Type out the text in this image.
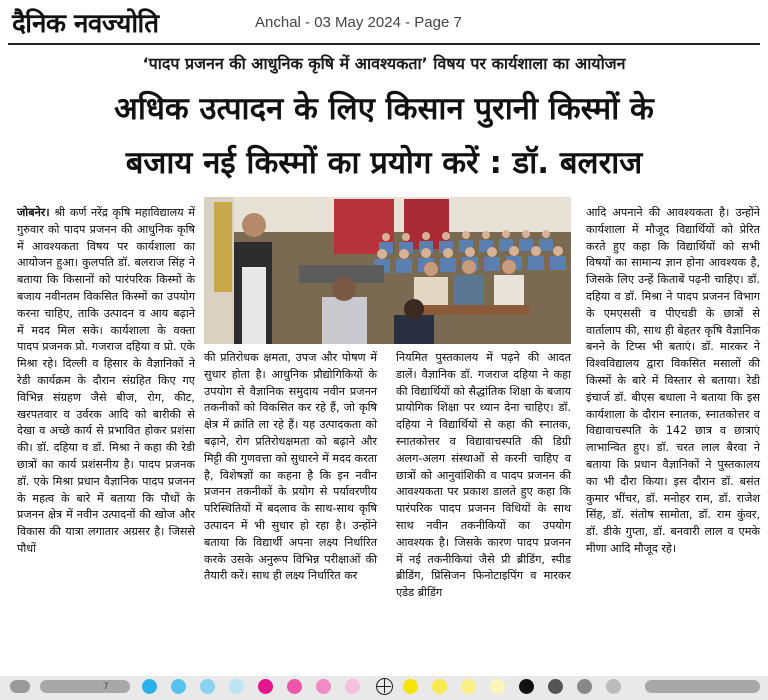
दैनिक नवज्योति	Anchal - 03 May 2024 - Page 7
‘पादप प्रजनन की आधुनिक कृषि में आवश्यकता’ विषय पर कार्यशाला का आयोजन
अधिक उत्पादन के लिए किसान पुरानी किस्मों के
बजाय नई किस्मों का प्रयोग करें : डॉ. बलराज

जोबनेर। श्री कर्ण नरेंद्र कृषि महाविद्यालय में गुरुवार को पादप प्रजनन की आधुनिक कृषि में आवश्यकता विषय पर कार्यशाला का आयोजन हुआ। कुलपति डॉ. बलराज सिंह ने बताया कि किसानों को पारंपरिक किस्मों के बजाय नवीनतम विकसित किस्मों का उपयोग करना चाहिए, ताकि उत्पादन व आय बढ़ाने में मदद मिल सके। कार्यशाला के वक्ता पादप प्रजनक प्रो. गजराज दहिया व प्रो. एके मिश्रा रहे। दिल्ली व हिसार के वैज्ञानिकों ने रेडी कार्यक्रम के दौरान संग्रहित किए गए विभिन्न संग्रहण जैसे बीज, रोग, कीट, खरपतवार व उर्वरक आदि को बारीकी से देखा व अच्छे कार्य से प्रभावित होकर प्रशंसा की। डॉ. दहिया व डॉ. मिश्रा ने कहा की रेडी छात्रों का कार्य प्रशंसनीय है। पादप प्रजनक डॉ. एके मिश्रा प्रधान वैज्ञानिक पादप प्रजनन के महत्व के बारे में बताया कि पौधों के प्रजनन क्षेत्र में नवीन उत्पादनों की खोज और विकास की यात्रा लगातार अग्रसर है। जिससे पौधों

की प्रतिरोधक क्षमता, उपज और पोषण में सुधार होता है। आधुनिक प्रौद्योगिकियों के उपयोग से वैज्ञानिक समुदाय नवीन प्रजनन तकनीकों को विकसित कर रहे हैं, जो कृषि क्षेत्र में क्रांति ला रहे हैं। यह उत्पादकता को बढ़ाने, रोग प्रतिरोधक्षमता को बढ़ाने और मिट्टी की गुणवत्ता को सुधारने में मदद करता है, विशेषज्ञों का कहना है कि इन नवीन प्रजनन तकनीकों के प्रयोग से पर्यावरणीय परिस्थितियों में बदलाव के साथ-साथ कृषि उत्पादन में भी सुधार हो रहा है। उन्होंने बताया कि विद्यार्थी अपना लक्ष्य निर्धारित करके उसके अनुरूप विभिन्न परीक्षाओं की तैयारी करें। साथ ही लक्ष्य निर्धारित कर

नियमित पुस्तकालय में पढ़ने की आदत डालें। वैज्ञानिक डॉ. गजराज दहिया ने कहा की विद्यार्थियों को सैद्धांतिक शिक्षा के बजाय प्रायोगिक शिक्षा पर ध्यान देना चाहिए। डॉ. दहिया ने विद्यार्थियों से कहा की स्नातक, स्नातकोत्तर व विद्यावाचस्पति की डिग्री अलग-अलग संस्थाओं से करनी चाहिए व छात्रों को आनुवांशिकी व पादप प्रजनन की आवश्यकता पर प्रकाश डालते हुए कहा कि पारंपरिक पादप प्रजनन विधियों के साथ साथ नवीन तकनीकियों का उपयोग आवश्यक है। जिसके कारण पादप प्रजनन में नई तकनीकियां जैसे प्री ब्रीडिंग, स्पीड ब्रीडिंग, प्रिसिजन फिनोटाइपिंग व मारकर एडेड ब्रीडिंग

आदि अपनाने की आवश्यकता है। उन्होंने कार्यशाला में मौजूद विद्यार्थियों को प्रेरित करते हुए कहा कि विद्यार्थियों को सभी विषयों का सामान्य ज्ञान होना आवश्यक है, जिसके लिए उन्हें किताबें पढ़नी चाहिए। डॉ. दहिया व डॉ. मिश्रा ने पादप प्रजनन विभाग के एमएससी व पीएचडी के छात्रों से वार्तालाप की, साथ ही बेहतर कृषि वैज्ञानिक बनने के टिप्स भी बताएं। डॉ. मारकर ने विश्वविद्यालय द्वारा विकसित मसालों की किस्मों के बारे में विस्तार से बताया। रेडी इंचार्ज डॉ. बीएस बधाला ने बताया कि इस कार्यशाला के दौरान स्नातक, स्नातकोत्तर व विद्यावाचस्पति के 142 छात्र व छात्राएं लाभान्वित हुए। डॉ. चरत लाल बैरवा ने बताया कि प्रधान वैज्ञानिकों ने पुस्तकालय का भी दौरा किया। इस दौरान डॉ. बसंत कुमार भींचर, डॉ. मनोहर राम, डॉ. राजेश सिंह, डॉ. संतोष सामोता, डॉ. राम कुंवर, डॉ. डीके गुप्ता, डॉ. बनवारी लाल व एमके मीणा आदि मौजूद रहे।

7
